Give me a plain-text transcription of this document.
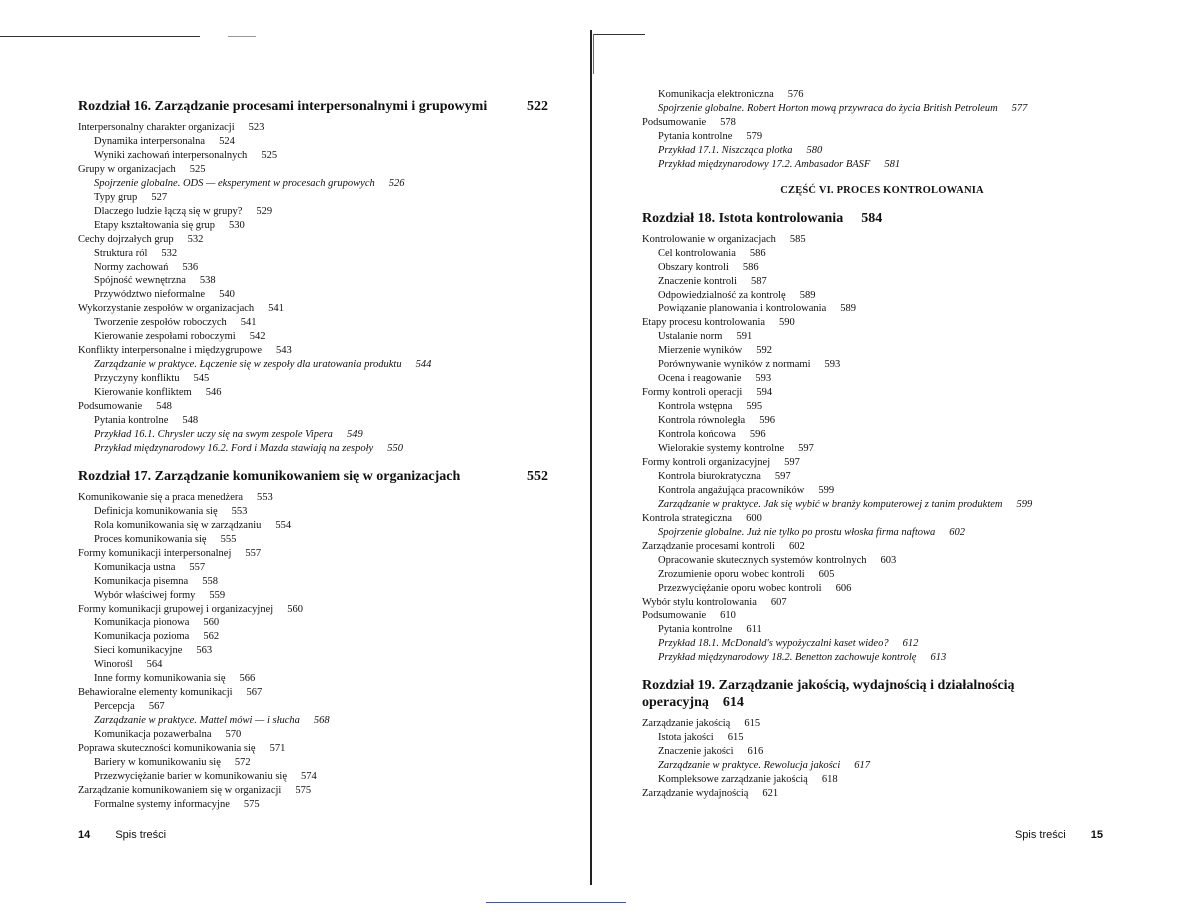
Rozdział 16. Zarządzanie procesami interpersonalnymi i grupowymi	522
Interpersonalny charakter organizacji 523
Dynamika interpersonalna 524
Wyniki zachowań interpersonalnych 525
Grupy w organizacjach 525
Spojrzenie globalne. ODS — eksperyment w procesach grupowych 526
Typy grup 527
Dlaczego ludzie łączą się w grupy? 529
Etapy kształtowania się grup 530
Cechy dojrzałych grup 532
Struktura ról 532
Normy zachowań 536
Spójność wewnętrzna 538
Przywództwo nieformalne 540
Wykorzystanie zespołów w organizacjach 541
Tworzenie zespołów roboczych 541
Kierowanie zespołami roboczymi 542
Konflikty interpersonalne i międzygrupowe 543
Zarządzanie w praktyce. Łączenie się w zespoły dla uratowania produktu 544
Przyczyny konfliktu 545
Kierowanie konfliktem 546
Podsumowanie 548
Pytania kontrolne 548
Przykład 16.1. Chrysler uczy się na swym zespole Vipera 549
Przykład międzynarodowy 16.2. Ford i Mazda stawiają na zespoły 550
Rozdział 17. Zarządzanie komunikowaniem się w organizacjach	552
Komunikowanie się a praca menedżera 553
Definicja komunikowania się 553
Rola komunikowania się w zarządzaniu 554
Proces komunikowania się 555
Formy komunikacji interpersonalnej 557
Komunikacja ustna 557
Komunikacja pisemna 558
Wybór właściwej formy 559
Formy komunikacji grupowej i organizacyjnej 560
Komunikacja pionowa 560
Komunikacja pozioma 562
Sieci komunikacyjne 563
Winorośl 564
Inne formy komunikowania się 566
Behawioralne elementy komunikacji 567
Percepcja 567
Zarządzanie w praktyce. Mattel mówi — i słucha 568
Komunikacja pozawerbalna 570
Poprawa skuteczności komunikowania się 571
Bariery w komunikowaniu się 572
Przezwyciężanie barier w komunikowaniu się 574
Zarządzanie komunikowaniem się w organizacji 575
Formalne systemy informacyjne 575
14 Spis treści
Komunikacja elektroniczna 576
Spojrzenie globalne. Robert Horton mową przywraca do życia British Petroleum 577
Podsumowanie 578
Pytania kontrolne 579
Przykład 17.1. Niszcząca plotka 580
Przykład międzynarodowy 17.2. Ambasador BASF 581
CZĘŚĆ VI. PROCES KONTROLOWANIA
Rozdział 18. Istota kontrolowania 584
Kontrolowanie w organizacjach 585
Cel kontrolowania 586
Obszary kontroli 586
Znaczenie kontroli 587
Odpowiedzialność za kontrolę 589
Powiązanie planowania i kontrolowania 589
Etapy procesu kontrolowania 590
Ustalanie norm 591
Mierzenie wyników 592
Porównywanie wyników z normami 593
Ocena i reagowanie 593
Formy kontroli operacji 594
Kontrola wstępna 595
Kontrola równoległa 596
Kontrola końcowa 596
Wielorakie systemy kontrolne 597
Formy kontroli organizacyjnej 597
Kontrola biurokratyczna 597
Kontrola angażująca pracowników 599
Zarządzanie w praktyce. Jak się wybić w branży komputerowej z tanim produktem 599
Kontrola strategiczna 600
Spojrzenie globalne. Już nie tylko po prostu włoska firma naftowa 602
Zarządzanie procesami kontroli 602
Opracowanie skutecznych systemów kontrolnych 603
Zrozumienie oporu wobec kontroli 605
Przezwyciężanie oporu wobec kontroli 606
Wybór stylu kontrolowania 607
Podsumowanie 610
Pytania kontrolne 611
Przykład 18.1. McDonald's wypożyczalni kaset wideo? 612
Przykład międzynarodowy 18.2. Benetton zachowuje kontrolę 613
Rozdział 19. Zarządzanie jakością, wydajnością i działalnością operacyjną 614
Zarządzanie jakością 615
Istota jakości 615
Znaczenie jakości 616
Zarządzanie w praktyce. Rewolucja jakości 617
Kompleksowe zarządzanie jakością 618
Zarządzanie wydajnością 621
Spis treści 15
